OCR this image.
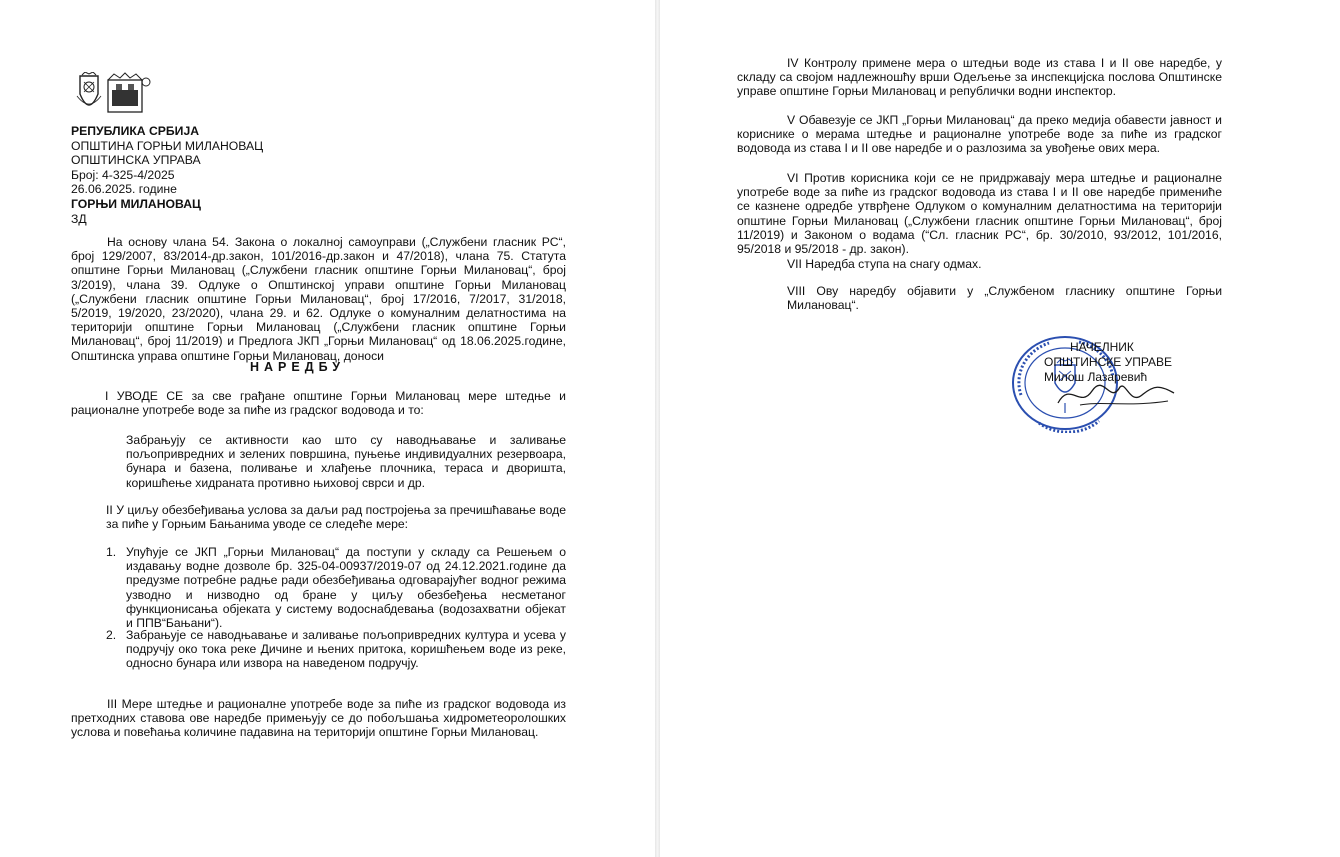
РЕПУБЛИКА СРБИЈА
ОПШТИНА ГОРЊИ МИЛАНОВАЦ
ОПШТИНСКА УПРАВА
Број: 4-325-4/2025
26.06.2025. године
ГОРЊИ МИЛАНОВАЦ
ЗД
На основу члана 54. Закона о локалној самоуправи („Службени гласник РС“, број 129/2007, 83/2014-др.закон, 101/2016-др.закон и 47/2018), члана 75. Статута општине Горњи Милановац („Службени гласник општине Горњи Милановац“, број 3/2019), члана 39. Одлуке о Општинској управи општине Горњи Милановац („Службени гласник општине Горњи Милановац“, број 17/2016, 7/2017, 31/2018, 5/2019, 19/2020, 23/2020), члана 29. и 62. Одлуке о комуналним делатностима на територији општине Горњи Милановац („Службени гласник општине Горњи Милановац“, број 11/2019) и Предлога ЈКП „Горњи Милановац“ од 18.06.2025.године, Општинска управа општине Горњи Милановац, доноси
НАРЕДБУ
I УВОДЕ СЕ за све грађане општине Горњи Милановац мере штедње и рационалне употребе воде за пиће из градског водовода и то:
Забрањују се активности као што су наводњавање и заливање пољопривредних и зелених површина, пуњење индивидуалних резервоара, бунара и базена, поливање и хлађење плочника, тераса и дворишта, коришћење хидраната противно њиховој сврси и др.
II У циљу обезбеђивања услова за даљи рад постројења за пречишћавање воде за пиће у Горњим Бањанима уводе се следеће мере:
1. Упућује се ЈКП „Горњи Милановац“ да поступи у складу са Решењем о издавању водне дозволе бр. 325-04-00937/2019-07 од 24.12.2021.године да предузме потребне радње ради обезбеђивања одговарајућег водног режима узводно и низводно од бране у циљу обезбеђења несметаног функционисања објеката у систему водоснабдевања (водозахватни објекат и ППВ“Бањани“).
2. Забрањује се наводњавање и заливање пољопривредних култура и усева у подручју око тока реке Дичине и њених притока, коришћењем воде из реке, односно бунара или извора на наведеном подручју.
III Мере штедње и рационалне употребе воде за пиће из градског водовода из претходних ставова ове наредбе примењују се до побољшања хидрометеоролошких услова и повећања количине падавина на територији општине Горњи Милановац.
IV Контролу примене мера о штедњи воде из става I и II ове наредбе, у складу са својом надлежношћу врши Одељење за инспекцијска послова Општинске управе општине Горњи Милановац и републички водни инспектор.
V Обавезује се ЈКП „Горњи Милановац“ да преко медија обавести јавност и кориснике о мерама штедње и рационалне употребе воде за пиће из градског водовода из става I и II ове наредбе и о разлозима за увођење ових мера.
VI Против корисника који се не придржавају мера штедње и рационалне употребе воде за пиће из градског водовода из става I и II ове наредбе примениће се казнене одредбе утврђене Одлуком о комуналним делатностима на територији општине Горњи Милановац („Службени гласник општине Горњи Милановац“, број 11/2019) и Законом о водама (“Сл. гласник РС“, бр. 30/2010, 93/2012, 101/2016, 95/2018 и 95/2018 - др. закон).
VII Наредба ступа на снагу одмах.
VIII Ову наредбу објавити у „Службеном гласнику општине Горњи Милановац“.
НАЧЕЛНИК
ОПШТИНСКЕ УПРАВЕ
Милош Лазаревић
